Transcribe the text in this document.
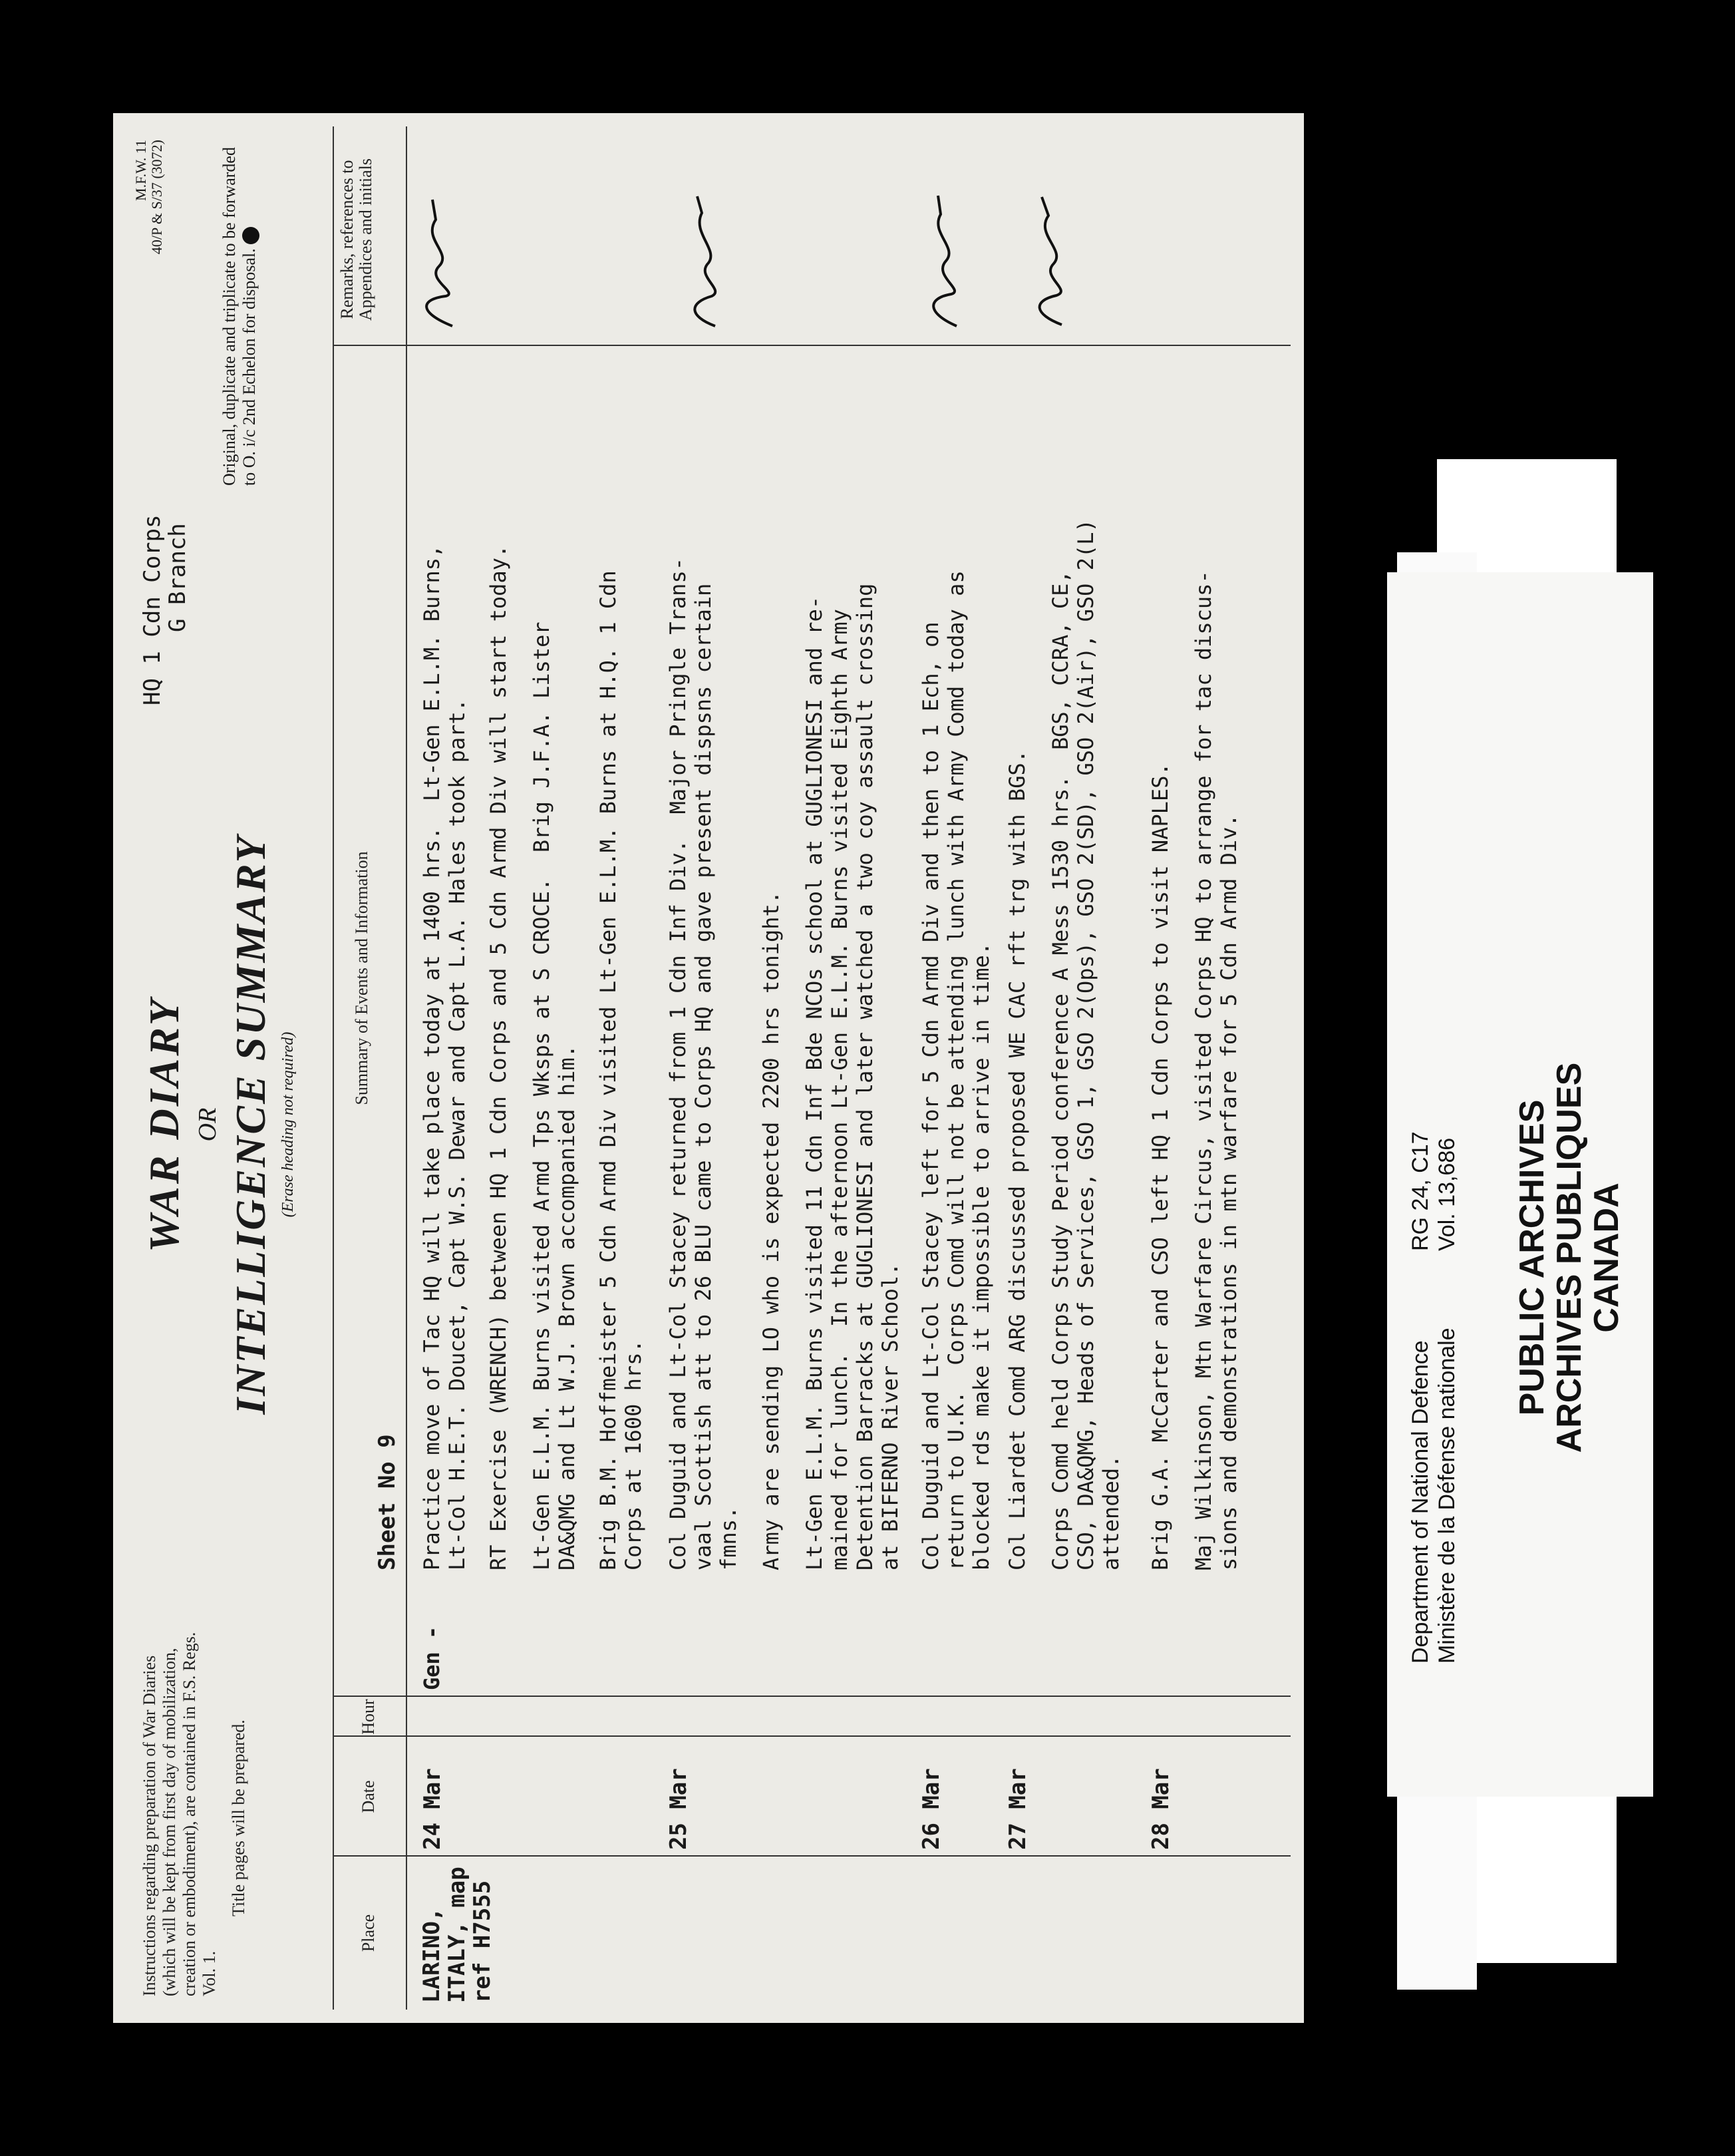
Instructions regarding preparation of War Diaries (which will be kept from first day of mobilization, creation or embodiment), are contained in F.S. Regs. Vol. 1.
Title pages will be prepared.
WAR DIARY OR INTELLIGENCE SUMMARY (Erase heading not required)
HQ 1 Cdn Corps
G Branch
M.F.W. 11 40/P & S/37 (3072)	Original, duplicate and triplicate to be forwarded to O. i/c 2nd Echelon for disposal.
Place
Date
Hour
Summary of Events and Information
Remarks, references to Appendices and initials
Sheet No 9
LARINO, ITALY, map ref H7555
24 Mar
Gen -
Practice move of Tac HQ will take place today at 1400 hrs.  Lt-Gen E.L.M. Burns,
Lt-Col H.E.T. Doucet, Capt W.S. Dewar and Capt L.A. Hales took part. RT Exercise (WRENCH) between HQ 1 Cdn Corps and 5 Cdn Armd Div will start today. Lt-Gen E.L.M. Burns visited Armd Tps Wksps at S CROCE.  Brig J.F.A. Lister
DA&QMG and Lt W.J. Brown accompanied him.
Brig B.M. Hoffmeister 5 Cdn Armd Div visited Lt-Gen E.L.M. Burns at H.Q. 1 Cdn
Corps at 1600 hrs.
25 Mar
Col Duguid and Lt-Col Stacey returned from 1 Cdn Inf Div.  Major Pringle Trans-
vaal Scottish att to 26 BLU came to Corps HQ and gave present dispsns certain
fmns. Army are sending LO who is expected 2200 hrs tonight. Lt-Gen E.L.M. Burns visited 11 Cdn Inf Bde NCOs school at GUGLIONESI and re-
mained for lunch.  In the afternoon Lt-Gen E.L.M. Burns visited Eighth Army
Detention Barracks at GUGLIONESI and later watched a two coy assault crossing
at BIFERNO River School.
26 Mar
Col Duguid and Lt-Col Stacey left for 5 Cdn Armd Div and then to 1 Ech, on
return to U.K.  Corps Comd will not be attending lunch with Army Comd today as
blocked rds make it impossible to arrive in time.
27 Mar
Col Liardet Comd ARG discussed proposed WE CAC rft trg with BGS. Corps Comd held Corps Study Period conference A Mess 1530 hrs.  BGS, CCRA, CE,
CSO, DA&QMG, Heads of Services, GSO 1, GSO 2(Ops), GSO 2(SD), GSO 2(Air), GSO 2(L)
attended.
28 Mar
Brig G.A. McCarter and CSO left HQ 1 Cdn Corps to visit NAPLES. Maj Wilkinson, Mtn Warfare Circus, visited Corps HQ to arrange for tac discus-
sions and demonstrations in mtn warfare for 5 Cdn Armd Div.
Department of National Defence Ministère de la Défense nationale
RG 24, C17 Vol. 13,686 PUBLIC ARCHIVES
ARCHIVES PUBLIQUES
CANADA
